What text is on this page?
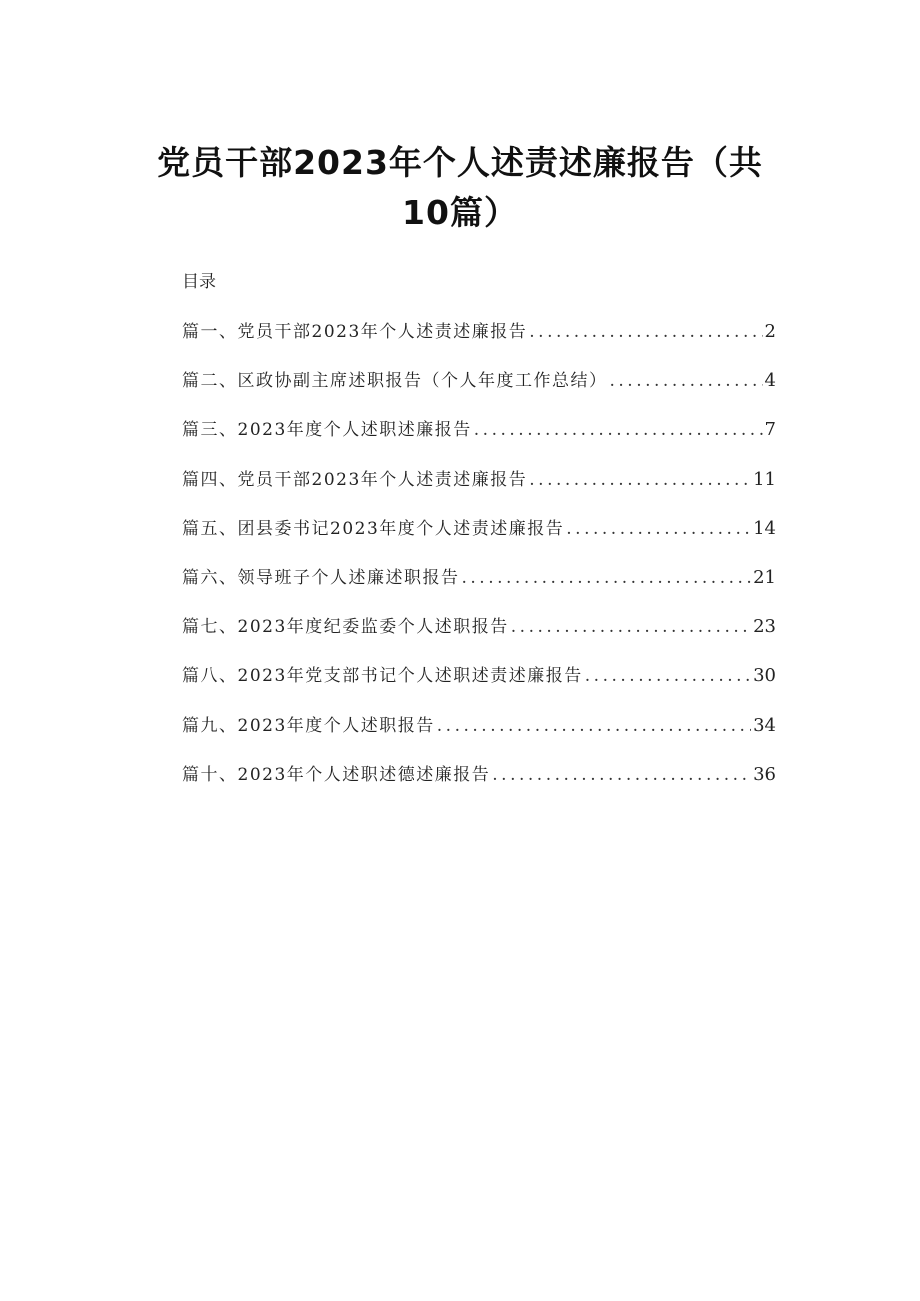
党员干部2023年个人述责述廉报告（共10篇）
目录
篇一、党员干部2023年个人述责述廉报告 .....	2
篇二、区政协副主席述职报告（个人年度工作总结） .....	4
篇三、2023年度个人述职述廉报告 .....	7
篇四、党员干部2023年个人述责述廉报告 .....	11
篇五、团县委书记2023年度个人述责述廉报告 .....	14
篇六、领导班子个人述廉述职报告 .....	21
篇七、2023年度纪委监委个人述职报告 .....	23
篇八、2023年党支部书记个人述职述责述廉报告 .....	30
篇九、2023年度个人述职报告 .....	34
篇十、2023年个人述职述德述廉报告 .....	36
